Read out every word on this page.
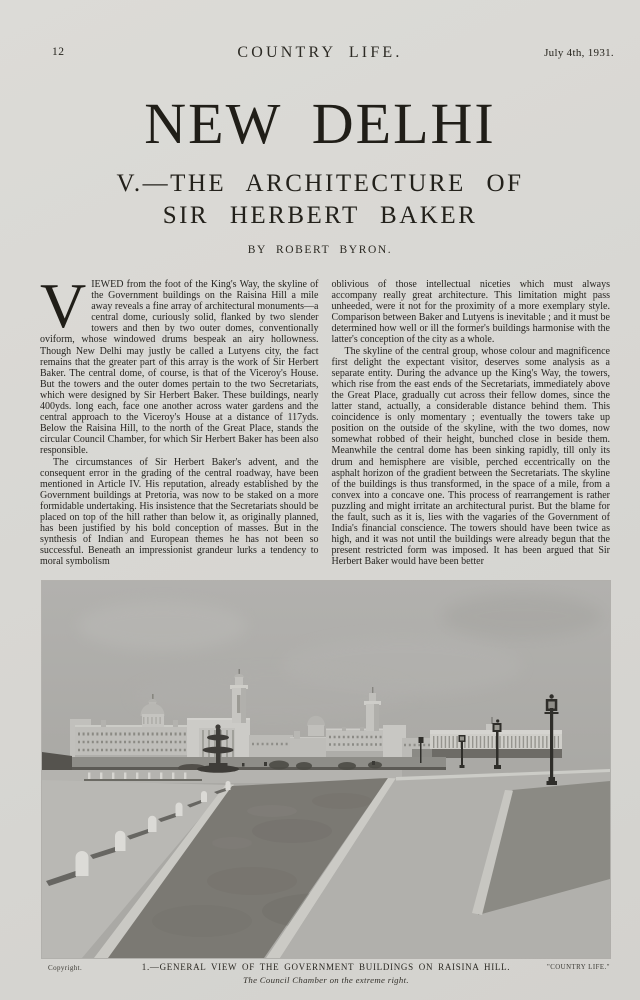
12	COUNTRY LIFE.	July 4th, 1931.
NEW DELHI
V.—THE ARCHITECTURE OF
SIR HERBERT BAKER
BY ROBERT BYRON.

VIEWED from the foot of the King's Way, the skyline of the Government buildings on the Raisina Hill a mile away reveals a fine array of architectural monuments—a central dome, curiously solid, flanked by two slender towers and then by two outer domes, conventionally oviform, whose windowed drums bespeak an airy hollowness. Though New Delhi may justly be called a Lutyens city, the fact remains that the greater part of this array is the work of Sir Herbert Baker. The central dome, of course, is that of the Viceroy's House. But the towers and the outer domes pertain to the two Secretariats, which were designed by Sir Herbert Baker. These buildings, nearly 400yds. long each, face one another across water gardens and the central approach to the Viceroy's House at a distance of 117yds. Below the Raisina Hill, to the north of the Great Place, stands the circular Council Chamber, for which Sir Herbert Baker has been also responsible.

The circumstances of Sir Herbert Baker's advent, and the consequent error in the grading of the central roadway, have been mentioned in Article IV. His reputation, already established by the Government buildings at Pretoria, was now to be staked on a more formidable undertaking. His insistence that the Secretariats should be placed on top of the hill rather than below it, as originally planned, has been justified by his bold conception of masses. But in the synthesis of Indian and European themes he has not been so successful. Beneath an impressionist grandeur lurks a tendency to moral symbolism

oblivious of those intellectual niceties which must always accompany really great architecture. This limitation might pass unheeded, were it not for the proximity of a more exemplary style. Comparison between Baker and Lutyens is inevitable ; and it must be determined how well or ill the former's buildings harmonise with the latter's conception of the city as a whole.

The skyline of the central group, whose colour and magnificence first delight the expectant visitor, deserves some analysis as a separate entity. During the advance up the King's Way, the towers, which rise from the east ends of the Secretariats, immediately above the Great Place, gradually cut across their fellow domes, since the latter stand, actually, a considerable distance behind them. This coincidence is only momentary ; eventually the towers take up position on the outside of the skyline, with the two domes, now somewhat robbed of their height, bunched close in beside them. Meanwhile the central dome has been sinking rapidly, till only its drum and hemisphere are visible, perched eccentrically on the asphalt horizon of the gradient between the Secretariats. The skyline of the buildings is thus transformed, in the space of a mile, from a convex into a concave one. This process of rearrangement is rather puzzling and might irritate an architectural purist. But the blame for the fault, such as it is, lies with the vagaries of the Government of India's financial conscience. The towers should have been twice as high, and it was not until the buildings were already begun that the present restricted form was imposed. It has been argued that Sir Herbert Baker would have been better

Copyright.	1.—GENERAL VIEW OF THE GOVERNMENT BUILDINGS ON RAISINA HILL.	"COUNTRY LIFE."
The Council Chamber on the extreme right.
